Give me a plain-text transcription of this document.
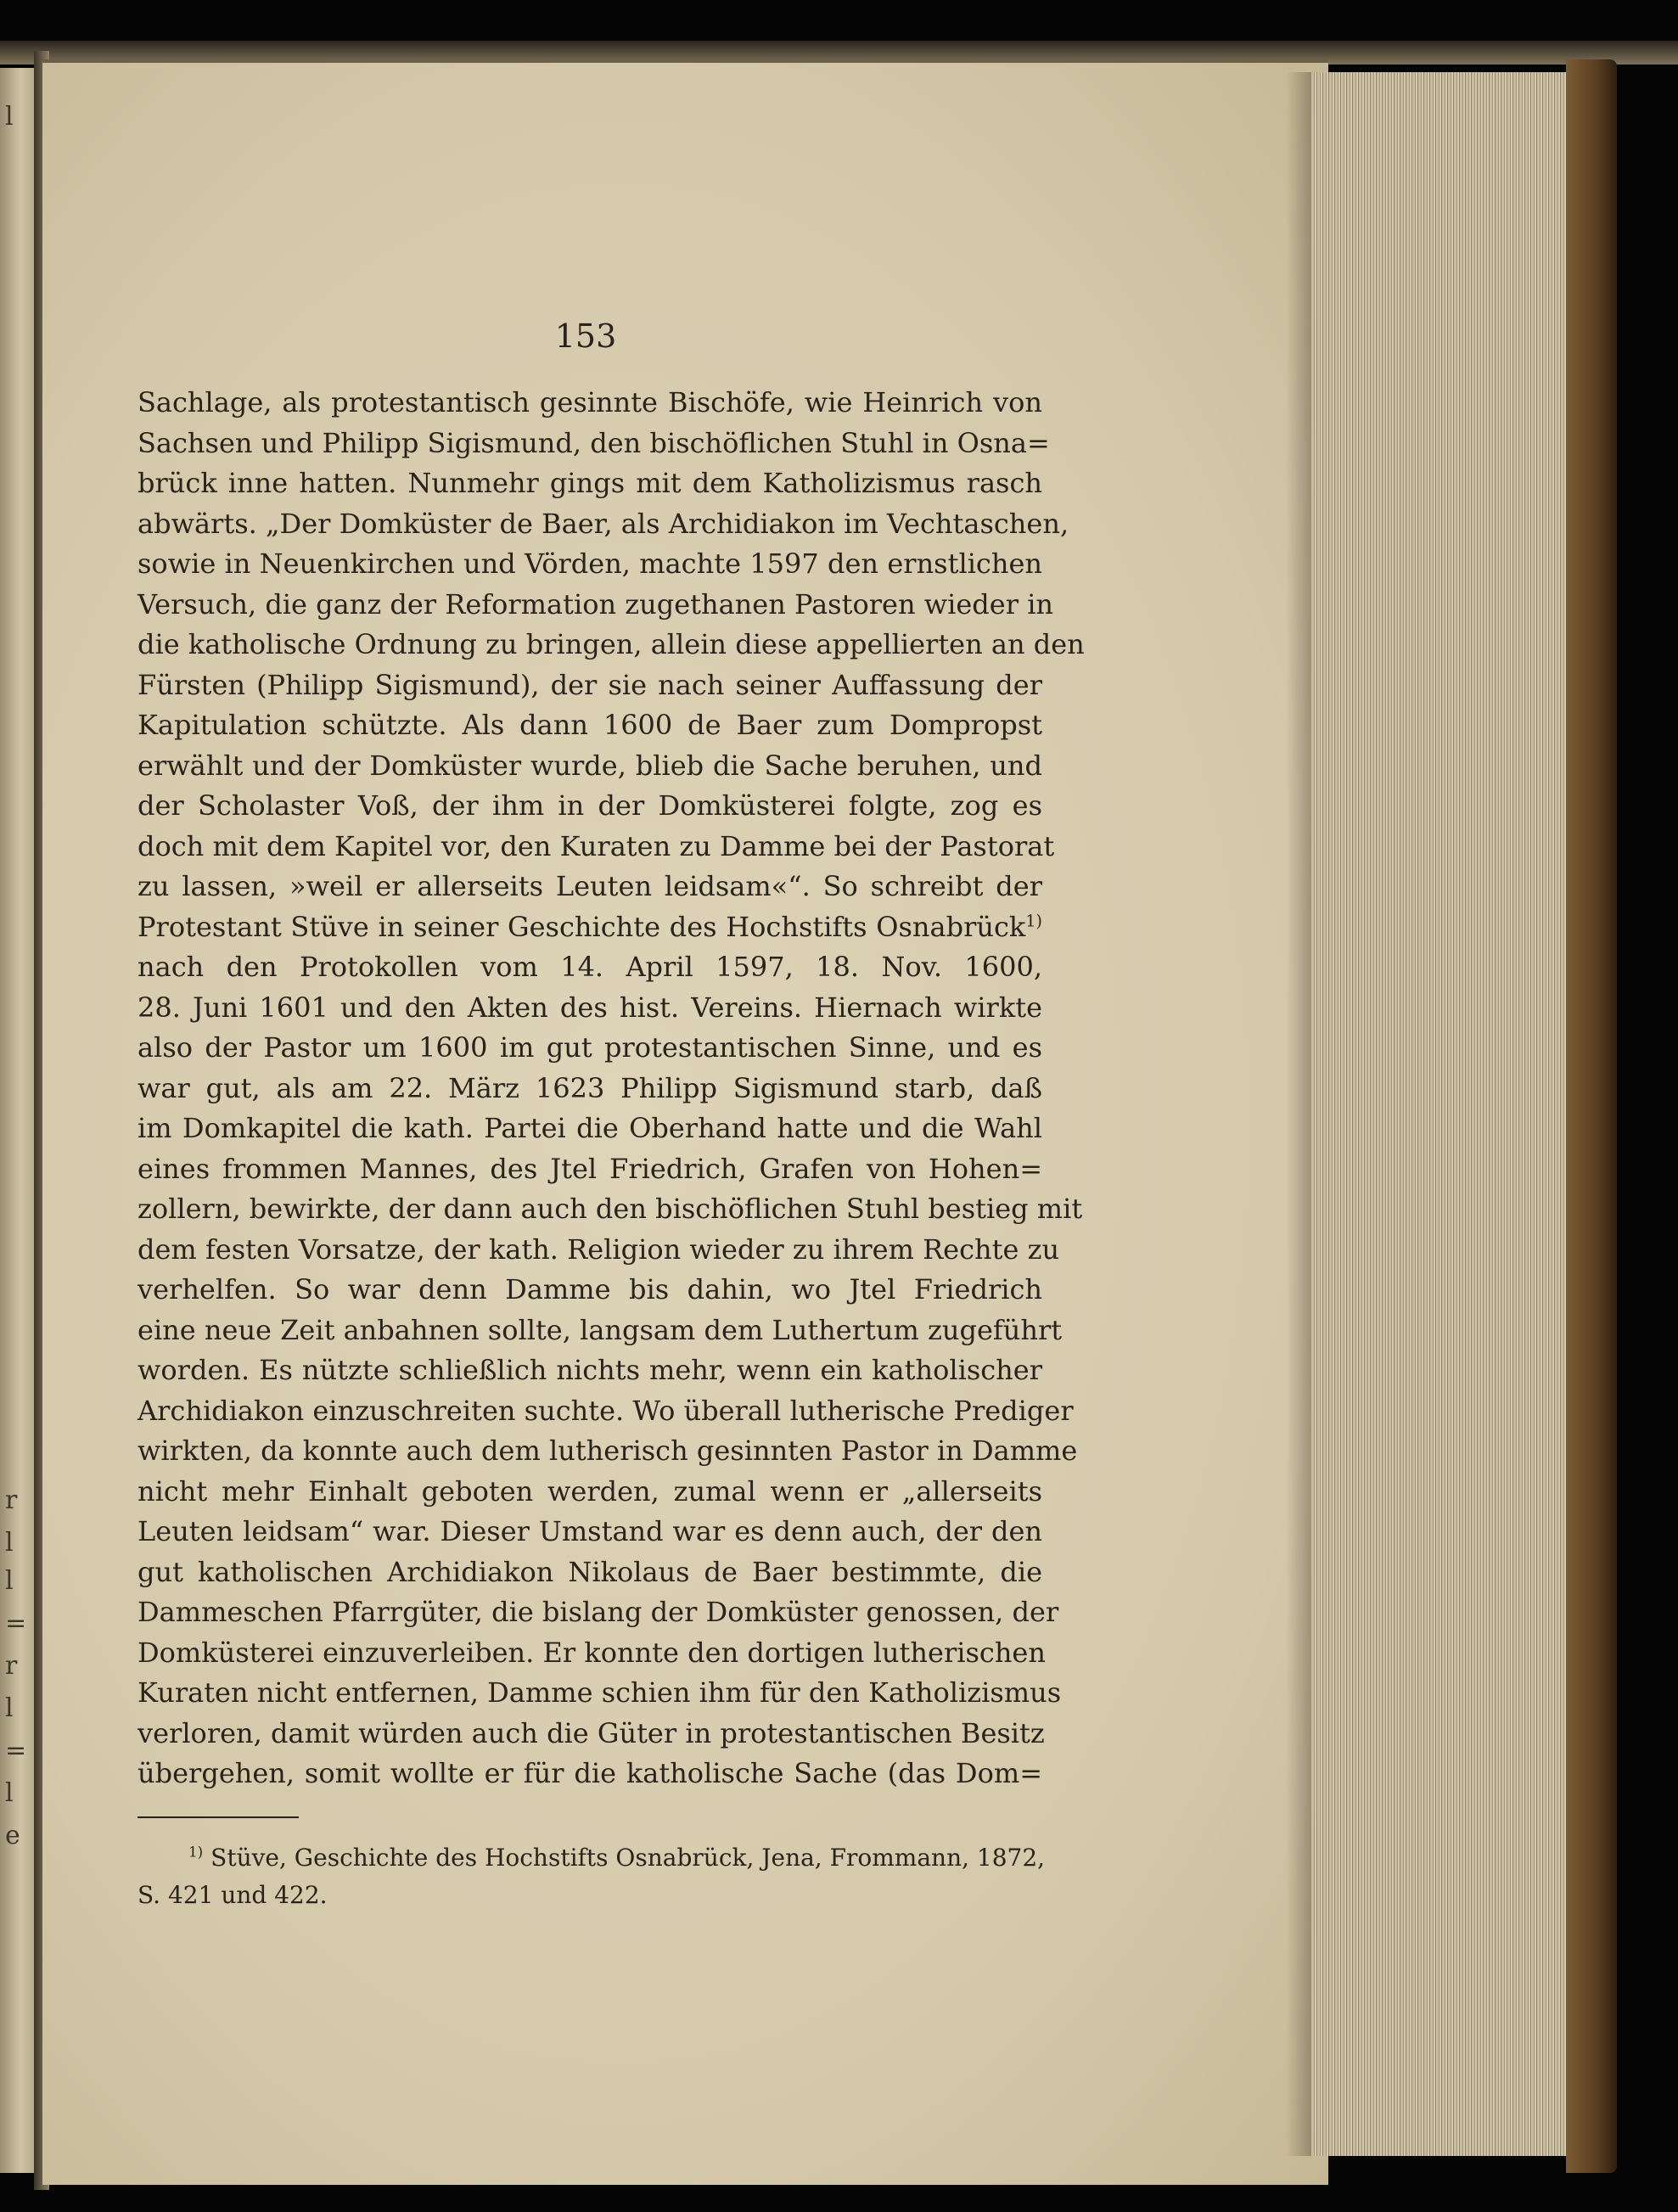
l
r
l
l
=
r
l
=
l
e
153
Sachlage, als protestantisch gesinnte Bischöfe, wie Heinrich von
Sachsen und Philipp Sigismund, den bischöflichen Stuhl in Osna=
brück inne hatten. Nunmehr gings mit dem Katholizismus rasch
abwärts. „Der Domküster de Baer, als Archidiakon im Vechtaschen,
sowie in Neuenkirchen und Vörden, machte 1597 den ernstlichen
Versuch, die ganz der Reformation zugethanen Pastoren wieder in
die katholische Ordnung zu bringen, allein diese appellierten an den
Fürsten (Philipp Sigismund), der sie nach seiner Auffassung der
Kapitulation schützte. Als dann 1600 de Baer zum Dompropst
erwählt und der Domküster wurde, blieb die Sache beruhen, und
der Scholaster Voß, der ihm in der Domküsterei folgte, zog es
doch mit dem Kapitel vor, den Kuraten zu Damme bei der Pastorat
zu lassen, »weil er allerseits Leuten leidsam«“. So schreibt der
Protestant Stüve in seiner Geschichte des Hochstifts Osnabrück$^{1)}$
nach den Protokollen vom 14. April 1597, 18. Nov. 1600,
28. Juni 1601 und den Akten des hist. Vereins. Hiernach wirkte
also der Pastor um 1600 im gut protestantischen Sinne, und es
war gut, als am 22. März 1623 Philipp Sigismund starb, daß
im Domkapitel die kath. Partei die Oberhand hatte und die Wahl
eines frommen Mannes, des Jtel Friedrich, Grafen von Hohen=
zollern, bewirkte, der dann auch den bischöflichen Stuhl bestieg mit
dem festen Vorsatze, der kath. Religion wieder zu ihrem Rechte zu
verhelfen. So war denn Damme bis dahin, wo Jtel Friedrich
eine neue Zeit anbahnen sollte, langsam dem Luthertum zugeführt
worden. Es nützte schließlich nichts mehr, wenn ein katholischer
Archidiakon einzuschreiten suchte. Wo überall lutherische Prediger
wirkten, da konnte auch dem lutherisch gesinnten Pastor in Damme
nicht mehr Einhalt geboten werden, zumal wenn er „allerseits
Leuten leidsam“ war. Dieser Umstand war es denn auch, der den
gut katholischen Archidiakon Nikolaus de Baer bestimmte, die
Dammeschen Pfarrgüter, die bislang der Domküster genossen, der
Domküsterei einzuverleiben. Er konnte den dortigen lutherischen
Kuraten nicht entfernen, Damme schien ihm für den Katholizismus
verloren, damit würden auch die Güter in protestantischen Besitz
übergehen, somit wollte er für die katholische Sache (das Dom=
$^{1)}$ Stüve, Geschichte des Hochstifts Osnabrück, Jena, Frommann, 1872,
S. 421 und 422.
